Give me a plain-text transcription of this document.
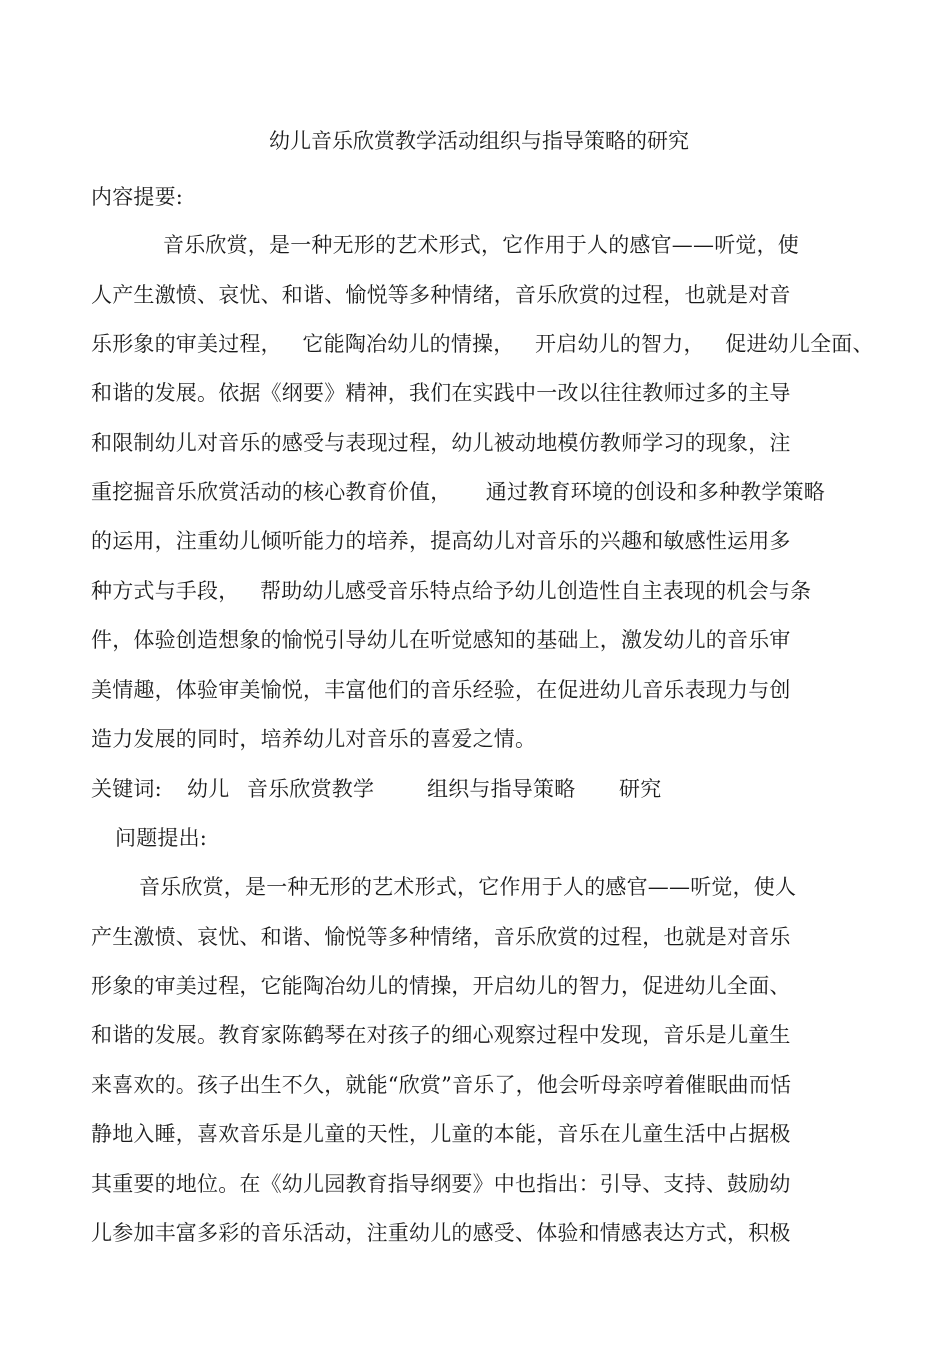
幼儿音乐欣赏教学活动组织与指导策略的研究
内容提要:
音乐欣赏，是一种无形的艺术形式，它作用于人的感官——听觉，使
人产生激愤、哀忧、和谐、愉悦等多种情绪，音乐欣赏的过程，也就是对音
乐形象的审美过程，   它能陶冶幼儿的情操，   开启幼儿的智力，   促进幼儿全面、
和谐的发展。依据《纲要》精神，我们在实践中一改以往往教师过多的主导
和限制幼儿对音乐的感受与表现过程，幼儿被动地模仿教师学习的现象，注
重挖掘音乐欣赏活动的核心教育价值，     通过教育环境的创设和多种教学策略
的运用，注重幼儿倾听能力的培养，提高幼儿对音乐的兴趣和敏感性运用多
种方式与手段，   帮助幼儿感受音乐特点给予幼儿创造性自主表现的机会与条
件，体验创造想象的愉悦引导幼儿在听觉感知的基础上，激发幼儿的音乐审
美情趣，体验审美愉悦，丰富他们的音乐经验，在促进幼儿音乐表现力与创
造力发展的同时，培养幼儿对音乐的喜爱之情。
关键词: 幼儿 音乐欣赏教学	组织与指导策略 研究
问题提出:
音乐欣赏，是一种无形的艺术形式，它作用于人的感官——听觉，使人
产生激愤、哀忧、和谐、愉悦等多种情绪，音乐欣赏的过程，也就是对音乐
形象的审美过程，它能陶冶幼儿的情操，开启幼儿的智力，促进幼儿全面、
和谐的发展。教育家陈鹤琴在对孩子的细心观察过程中发现，音乐是儿童生
来喜欢的。孩子出生不久，就能“欣赏”音乐了，他会听母亲哼着催眠曲而恬
静地入睡，喜欢音乐是儿童的天性，儿童的本能，音乐在儿童生活中占据极
其重要的地位。在《幼儿园教育指导纲要》中也指出：引导、支持、鼓励幼
儿参加丰富多彩的音乐活动，注重幼儿的感受、体验和情感表达方式，积极
